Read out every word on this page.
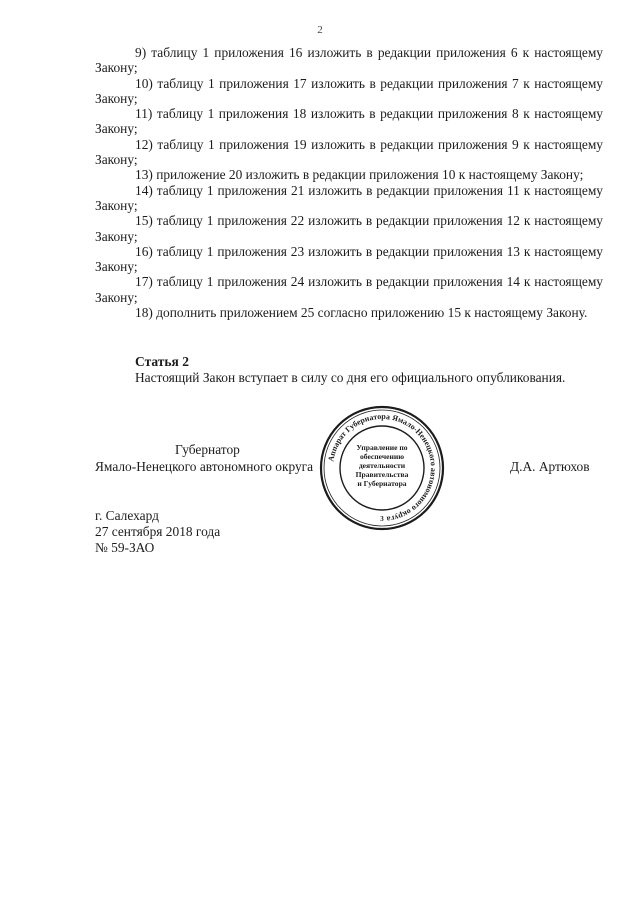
2

9) таблицу 1 приложения 16 изложить в редакции приложения 6 к настоящему Закону;

10) таблицу 1 приложения 17 изложить в редакции приложения 7 к настоящему Закону;

11) таблицу 1 приложения 18 изложить в редакции приложения 8 к настоящему Закону;

12) таблицу 1 приложения 19 изложить в редакции приложения 9 к настоящему Закону;

13) приложение 20 изложить в редакции приложения 10 к настоящему Закону;

14) таблицу 1 приложения 21 изложить в редакции приложения 11 к настоящему Закону;

15) таблицу 1 приложения 22 изложить в редакции приложения 12 к настоящему Закону;

16) таблицу 1 приложения 23 изложить в редакции приложения 13 к настоящему Закону;

17) таблицу 1 приложения 24 изложить в редакции приложения 14 к настоящему Закону;

18) дополнить приложением 25 согласно приложению 15 к настоящему Закону.

Статья 2

Настоящий Закон вступает в силу со дня его официального опубликования.

Губернатор
Ямало-Ненецкого автономного округа	Д.А. Артюхов
Аппарат Губернатора Ямало-Ненецкого автономного округа
Управление по
обеспечению
деятельности
Правительства
и Губернатора
3
г. Салехард
27 сентября 2018 года
№ 59-ЗАО
